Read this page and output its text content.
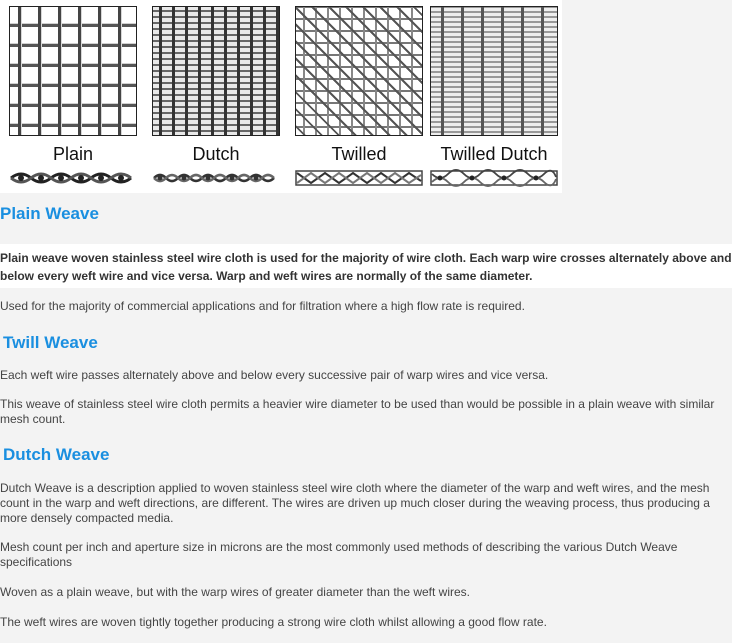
Plain	Dutch	Twilled	Twilled Dutch
Plain Weave
Plain weave woven stainless steel wire cloth is used for the majority of wire cloth. Each warp wire crosses alternately above and below every weft wire and vice versa. Warp and weft wires are normally of the same diameter.

Used for the majority of commercial applications and for filtration where a high flow rate is required.

Twill Weave

Each weft wire passes alternately above and below every successive pair of warp wires and vice versa.

This weave of stainless steel wire cloth permits a heavier wire diameter to be used than would be possible in a plain weave with similar mesh count.

Dutch Weave

Dutch Weave is a description applied to woven stainless steel wire cloth where the diameter of the warp and weft wires, and the mesh count in the warp and weft directions, are different. The wires are driven up much closer during the weaving process, thus producing a more densely compacted media.

Mesh count per inch and aperture size in microns are the most commonly used methods of describing the various Dutch Weave specifications

Woven as a plain weave, but with the warp wires of greater diameter than the weft wires.

The weft wires are woven tightly together producing a strong wire cloth whilst allowing a good flow rate.
